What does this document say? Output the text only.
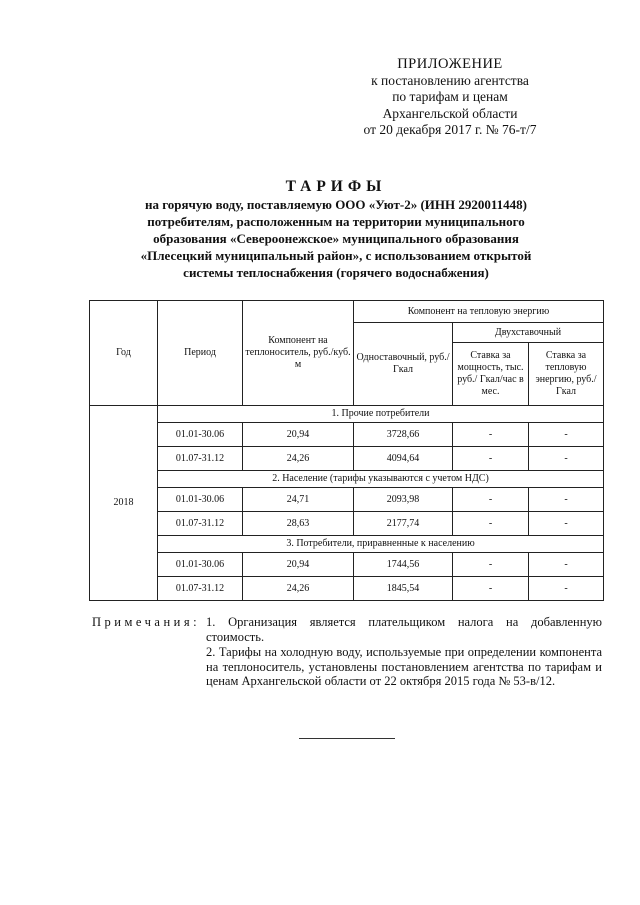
ПРИЛОЖЕНИЕ
к постановлению агентства
по тарифам и ценам
Архангельской области
от 20 декабря 2017 г. № 76-т/7
ТАРИФЫ
на горячую воду, поставляемую ООО «Уют-2» (ИНН 2920011448)
потребителям, расположенным на территории муниципального
образования «Североонежское» муниципального образования
«Плесецкий муниципальный район», с использованием открытой
системы теплоснабжения (горячего водоснабжения)
Год	Период	Компонент на теплоноситель, руб./куб. м	Компонент на тепловую энергию		
			Одноставочный, руб./Гкал	Двухставочный	
				Ставка за мощность, тыс. руб./ Гкал/час в мес.	Ставка за тепловую энергию, руб./Гкал
2018	1. Прочие потребители				
	01.01-30.06	20,94	3728,66	-	-
	01.07-31.12	24,26	4094,64	-	-
	2. Население (тарифы указываются с учетом НДС)				
	01.01-30.06	24,71	2093,98	-	-
	01.07-31.12	28,63	2177,74	-	-
	3. Потребители, приравненные к населению				
	01.01-30.06	20,94	1744,56	-	-
	01.07-31.12	24,26	1845,54	-	-
Примечания: 1. Организация является плательщиком налога на добавленную стоимость.

2. Тарифы на холодную воду, используемые при определении компонента на теплоноситель, установлены постановлением агентства по тарифам и ценам Архангельской области от 22 октября 2015 года № 53-в/12.
